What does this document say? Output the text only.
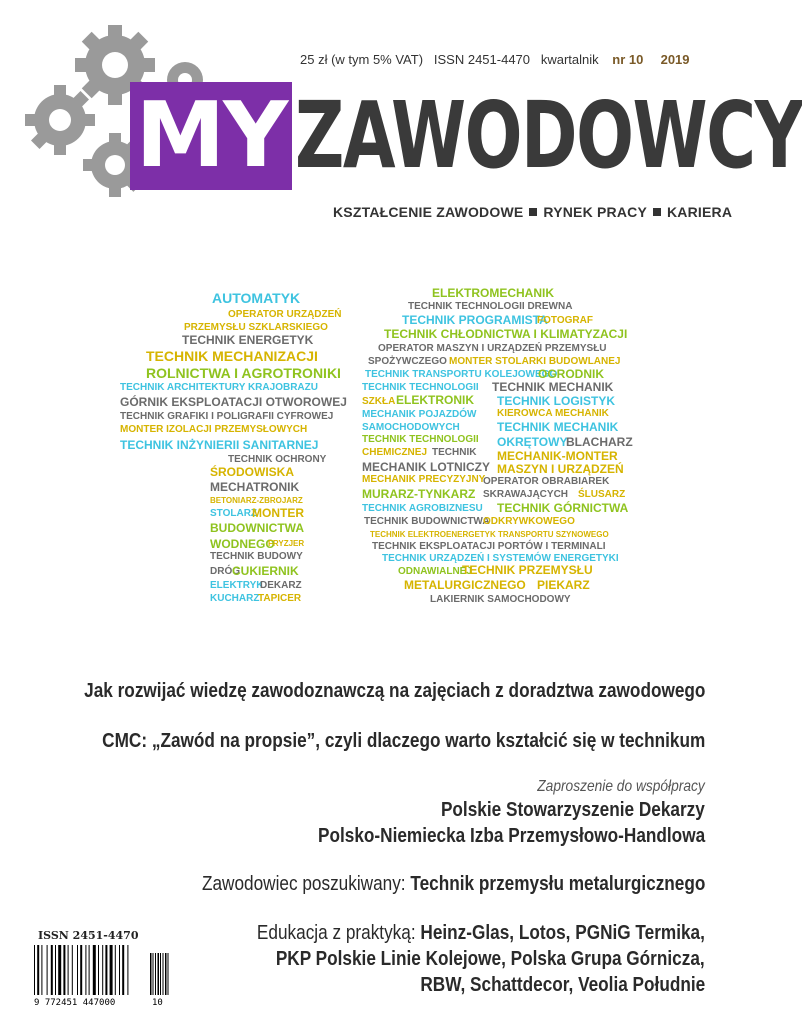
25 zł (w tym 5% VAT) ISSN 2451-4470 kwartalnik nr 10 2019
MY ZAWODOWCY
KSZTAŁCENIE ZAWODOWE RYNEK PRACY KARIERA
AUTOMATYK
OPERATOR URZĄDZEŃ
PRZEMYSŁU SZKLARSKIEGO
TECHNIK ENERGETYK
TECHNIK MECHANIZACJI
ROLNICTWA I AGROTRONIKI
TECHNIK ARCHITEKTURY KRAJOBRAZU
GÓRNIK EKSPLOATACJI OTWOROWEJ
TECHNIK GRAFIKI I POLIGRAFII CYFROWEJ
MONTER IZOLACJI PRZEMYSŁOWYCH
TECHNIK INŻYNIERII SANITARNEJ
TECHNIK OCHRONY
ŚRODOWISKA
MECHATRONIK
BETONIARZ-ZBROJARZ
STOLARZ
MONTER
BUDOWNICTWA
WODNEGO
FRYZJER
TECHNIK BUDOWY
DRÓG
CUKIERNIK
ELEKTRYK
DEKARZ
KUCHARZ
TAPICER
ELEKTROMECHANIK
TECHNIK TECHNOLOGII DREWNA
TECHNIK PROGRAMISTA
FOTOGRAF
TECHNIK CHŁODNICTWA I KLIMATYZACJI
OPERATOR MASZYN I URZĄDZEŃ PRZEMYSŁU
SPOŻYWCZEGO MONTER STOLARKI BUDOWLANEJ
TECHNIK TRANSPORTU KOLEJOWEGO
OGRODNIK
TECHNIK TECHNOLOGII TECHNIK MECHANIK
SZKŁA ELEKTRONIK TECHNIK LOGISTYK
MECHANIK POJAZDÓW KIEROWCA MECHANIK
SAMOCHODOWYCH	TECHNIK MECHANIK
TECHNIK TECHNOLOGII OKRĘTOWY
BLACHARZ
CHEMICZNEJ TECHNIK MECHANIK-MONTER
MECHANIK LOTNICZY MASZYN I URZĄDZEŃ
MECHANIK PRECYZYJNY
OPERATOR OBRABIAREK
MURARZ-TYNKARZ SKRAWAJĄCYCH ŚLUSARZ
TECHNIK AGROBIZNESU TECHNIK GÓRNICTWA
TECHNIK BUDOWNICTWA
ODKRYWKOWEGO
TECHNIK ELEKTROENERGETYK TRANSPORTU SZYNOWEGO
TECHNIK EKSPLOATACJI PORTÓW I TERMINALI
TECHNIK URZĄDZEŃ I SYSTEMÓW ENERGETYKI
ODNAWIALNEJ
TECHNIK PRZEMYSŁU
METALURGICZNEGO PIEKARZ
LAKIERNIK SAMOCHODOWY
Jak rozwijać wiedzę zawodoznawczą na zajęciach z doradztwa zawodowego
CMC: „Zawód na propsie”, czyli dlaczego warto kształcić się w technikum
Zaproszenie do współpracy
Polskie Stowarzyszenie Dekarzy
Polsko-Niemiecka Izba Przemysłowo-Handlowa
Zawodowiec poszukiwany: Technik przemysłu metalurgicznego
Edukacja z praktyką: Heinz-Glas, Lotos, PGNiG Termika,
PKP Polskie Linie Kolejowe, Polska Grupa Górnicza,
RBW, Schattdecor, Veolia Południe
ISSN 2451-4470
9 772451 447000	10
